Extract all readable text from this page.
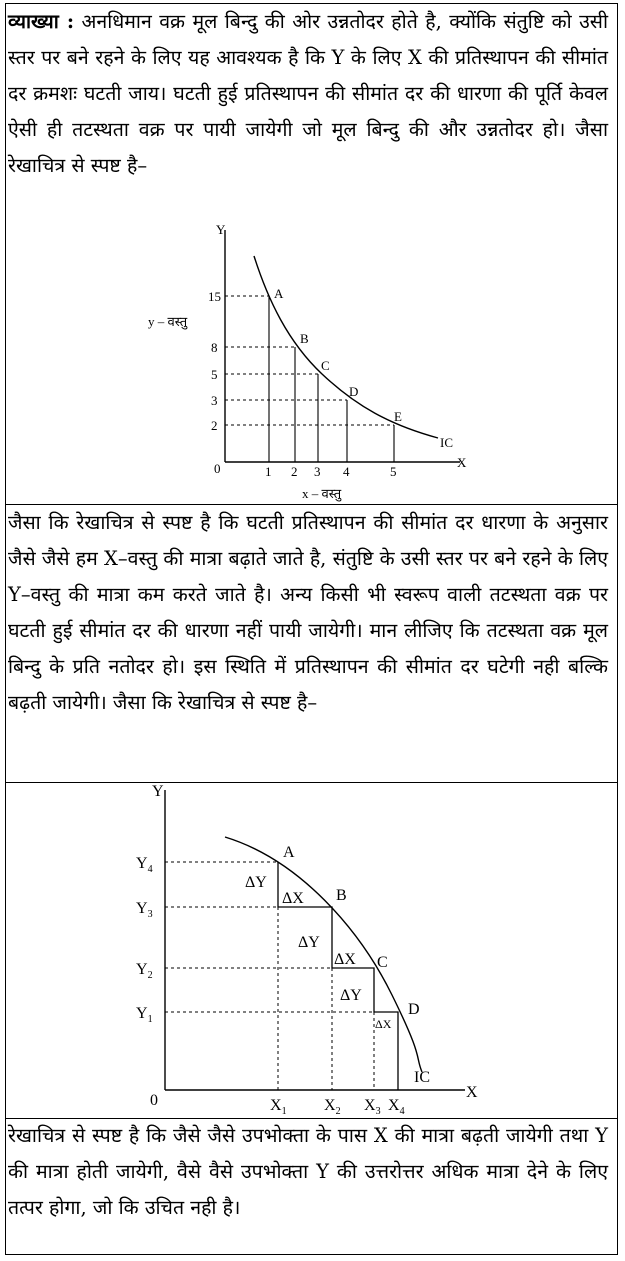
व्याख्या : अनधिमान वक्र मूल बिन्दु की ओर उन्नतोदर होते है, क्योंकि संतुष्टि को उसी स्तर पर बने रहने के लिए यह आवश्यक है कि Y के लिए X की प्रतिस्थापन की सीमांत दर क्रमशः घटती जाय। घटती हुई प्रतिस्थापन की सीमांत दर की धारणा की पूर्ति केवल ऐसी ही तटस्थता वक्र पर पायी जायेगी जो मूल बिन्दु की और उन्नतोदर हो। जैसा रेखाचित्र से स्पष्ट है–

Y
X
0
y – वस्तु
x – वस्तु
IC
A
B
C
D
E
15
8
5
3
2
1 2 3 4	5

जैसा कि रेखाचित्र से स्पष्ट है कि घटती प्रतिस्थापन की सीमांत दर धारणा के अनुसार जैसे जैसे हम X–वस्तु की मात्रा बढ़ाते जाते है, संतुष्टि के उसी स्तर पर बने रहने के लिए Y–वस्तु की मात्रा कम करते जाते है। अन्य किसी भी स्वरूप वाली तटस्थता वक्र पर घटती हुई सीमांत दर की धारणा नहीं पायी जायेगी। मान लीजिए कि तटस्थता वक्र मूल बिन्दु के प्रति नतोदर हो। इस स्थिति में प्रतिस्थापन की सीमांत दर घटेगी नही बल्कि बढ़ती जायेगी। जैसा कि रेखाचित्र से स्पष्ट है–

Y
X
0
IC
A
B
C
D
ΔY
ΔX
ΔY
ΔX
ΔY
ΔX
$Y_4$
$Y_3$
$Y_2$
$Y_1$
$X_1$ $X_2$ $X_3$ $X_4$

रेखाचित्र से स्पष्ट है कि जैसे जैसे उपभोक्ता के पास X की मात्रा बढ़ती जायेगी तथा Y की मात्रा होती जायेगी, वैसे वैसे उपभोक्ता Y की उत्तरोत्तर अधिक मात्रा देने के लिए तत्पर होगा, जो कि उचित नही है।
